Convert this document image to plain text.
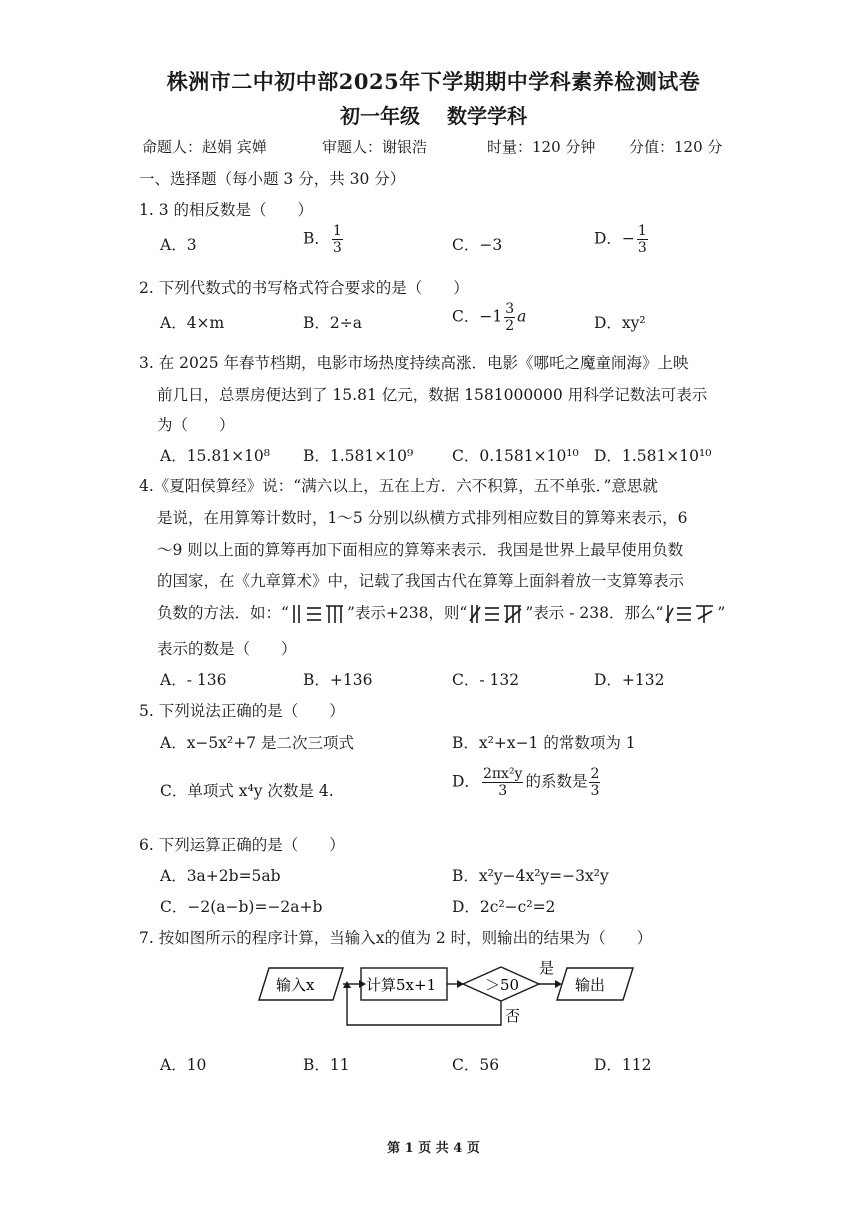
株洲市二中初中部2025年下学期期中学科素养检测试卷
初一年级 数学学科
命题人：赵娟 宾婵	审题人：谢银浩	时量：120 分钟 分值：120 分
一、选择题（每小题 3 分，共 30 分）
1. 3 的相反数是（　　）
A．3	B． $\frac{1}{3}$	C．−3	D．− $\frac{1}{3}$
2. 下列代数式的书写格式符合要求的是（　　）
A．4×m	B．2÷a	C．$-1 \frac{3}{2}$ a	D．xy²
3. 在 2025 年春节档期，电影市场热度持续高涨．电影《哪吒之魔童闹海》上映
前几日，总票房便达到了 15.81 亿元，数据 1581000000 用科学记数法可表示
为（　　）
A．15.81×10⁸ B．1.581×10⁹	C．0.1581×10¹⁰ D．1.581×10¹⁰
4.《夏阳侯算经》说：“满六以上，五在上方．六不积算，五不单张．”意思就
是说，在用算筹计数时，1～5 分别以纵横方式排列相应数目的算筹来表示，6
～9 则以上面的算筹再加下面相应的算筹来表示．我国是世界上最早使用负数
的国家，在《九章算术》中，记载了我国古代在算筹上面斜着放一支算筹表示
负数的方法．如：“	”表示+238，则“	”表示 - 238．那么“	”
表示的数是（　　）
A．- 136	B．+136	C．- 132	D．+132
5. 下列说法正确的是（　　）
A．x−5x²+7 是二次三项式	B．x²+x−1 的常数项为 1
C．单项式 x⁴y 次数是 4.
D． $\frac{\text{2πx²y}}{3}$ 的系数是 $\frac{2}{3}$
6. 下列运算正确的是（　　）
A．3a+2b=5ab	B．x²y−4x²y=−3x²y
C．−2(a−b)=−2a+b	D．2c²−c²=2
7. 按如图所示的程序计算，当输入x的值为 2 时，则输出的结果为（　　）
输入x	计算5x+1	＞50
是
否
输出
A．10	B．11	C．56	D．112
第 1 页 共 4 页
